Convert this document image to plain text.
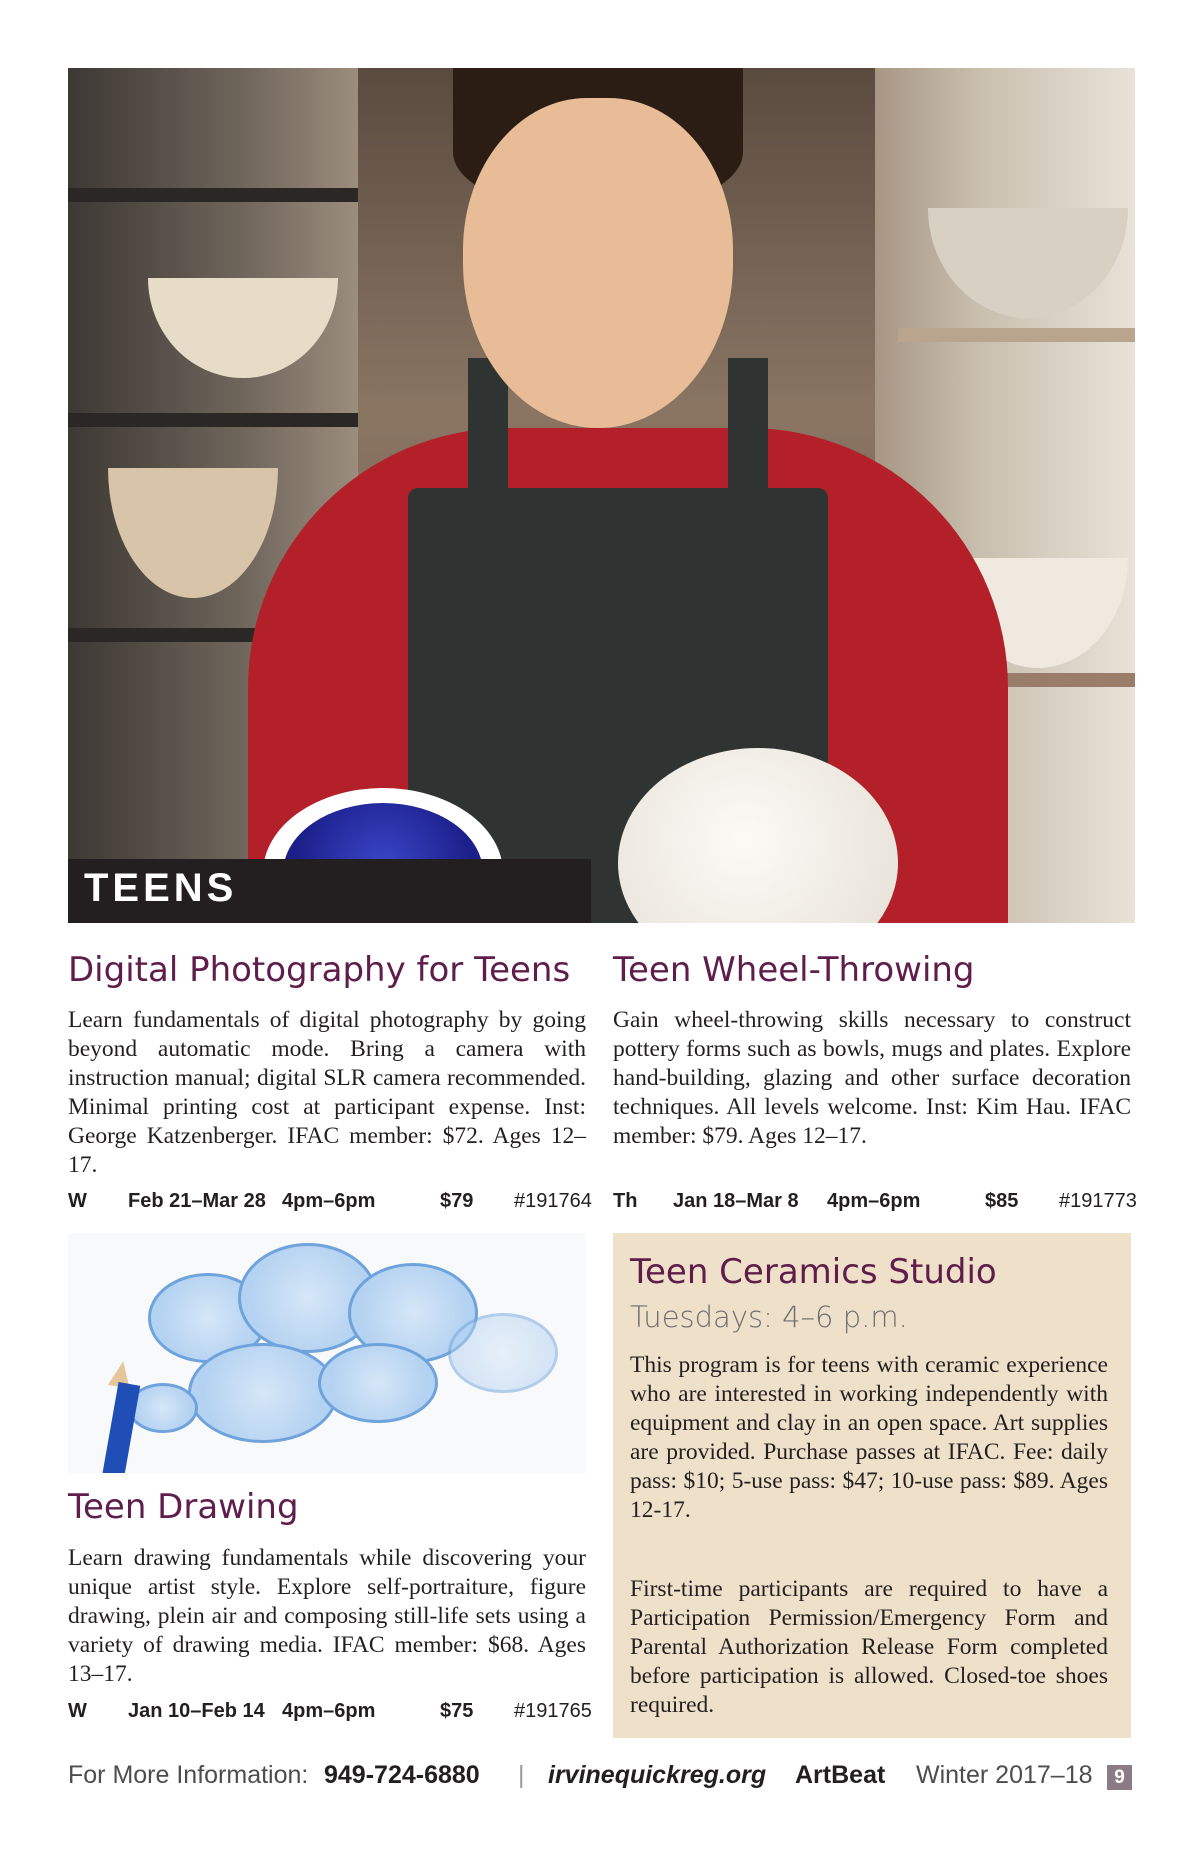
TEENS
Digital Photography for Teens
Learn fundamentals of digital photography by going beyond automatic mode. Bring a camera with instruction manual; digital SLR camera recommended. Minimal printing cost at participant expense. Inst: George Katzenberger. IFAC member: $72. Ages 12–17.
W Feb 21–Mar 28 4pm–6pm	$79 #191764
Teen Wheel-Throwing
Gain wheel-throwing skills necessary to construct pottery forms such as bowls, mugs and plates. Explore hand-building, glazing and other surface decoration techniques. All levels welcome. Inst: Kim Hau. IFAC member: $79. Ages 12–17.
Th Jan 18–Mar 8 4pm–6pm	$85 #191773
Teen Drawing
Learn drawing fundamentals while discovering your unique artist style. Explore self-portraiture, figure drawing, plein air and composing still-life sets using a variety of drawing media. IFAC member: $68. Ages 13–17.
W Jan 10–Feb 14 4pm–6pm	$75 #191765
Teen Ceramics Studio
Tuesdays: 4–6 p.m.
This program is for teens with ceramic experience who are interested in working independently with equipment and clay in an open space. Art supplies are provided. Purchase passes at IFAC. Fee: daily pass: $10; 5-use pass: $47; 10-use pass: $89. Ages 12-17.
First-time participants are required to have a Participation Permission/Emergency Form and Parental Authorization Release Form completed before participation is allowed. Closed-toe shoes required.
For More Information: 949-724-6880 | irvinequickreg.org ArtBeat Winter 2017–18	9
